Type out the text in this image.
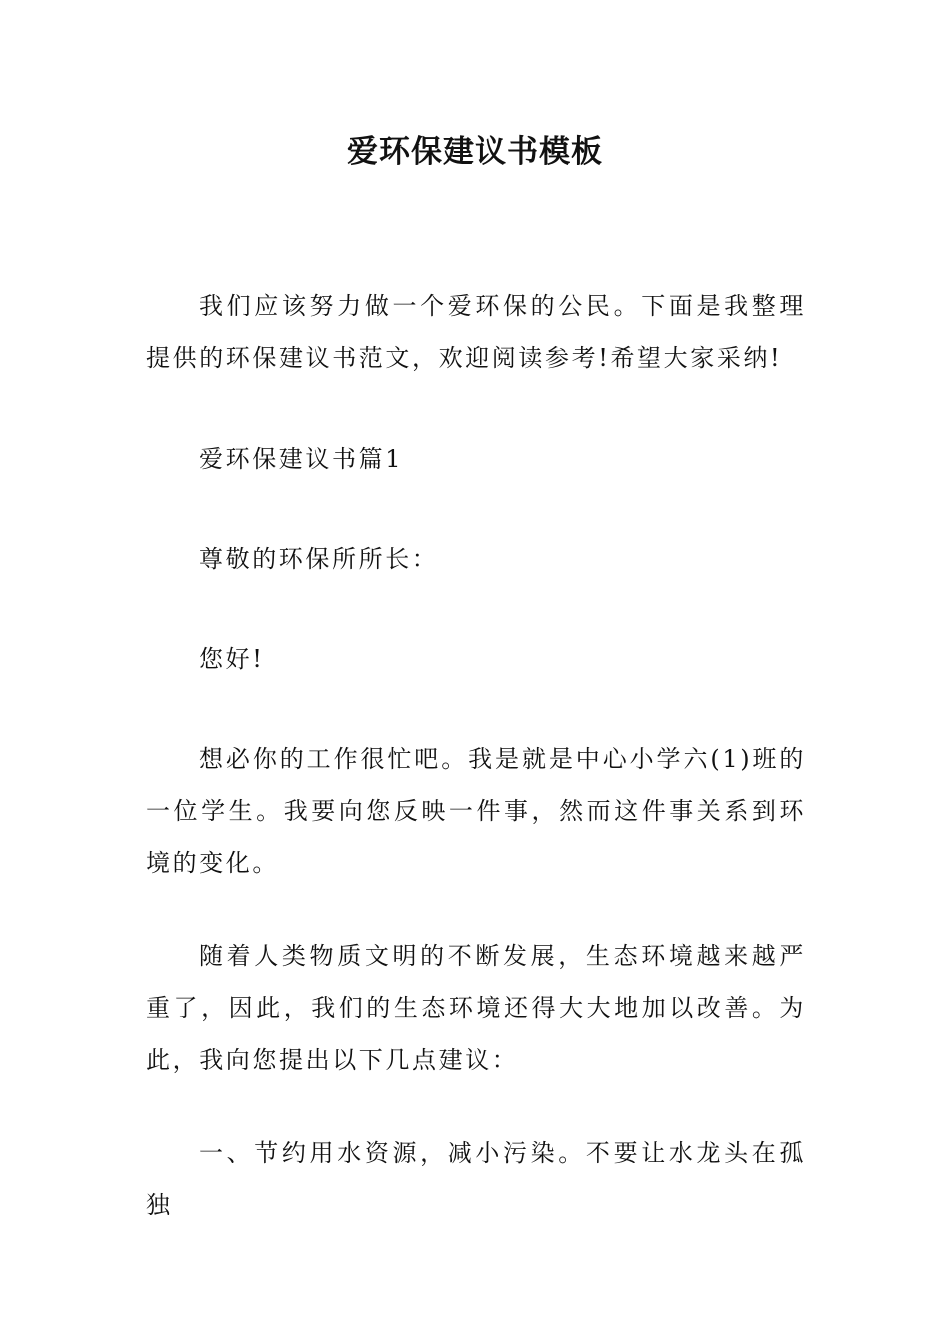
爱环保建议书模板

我们应该努力做一个爱环保的公民。下面是我整理提供的环保建议书范文，欢迎阅读参考!希望大家采纳!

爱环保建议书篇1

尊敬的环保所所长：

您好!

想必你的工作很忙吧。我是就是中心小学六(1)班的一位学生。我要向您反映一件事，然而这件事关系到环境的变化。

随着人类物质文明的不断发展，生态环境越来越严重了，因此，我们的生态环境还得大大地加以改善。为此，我向您提出以下几点建议：

一、节约用水资源，减小污染。不要让水龙头在孤独
